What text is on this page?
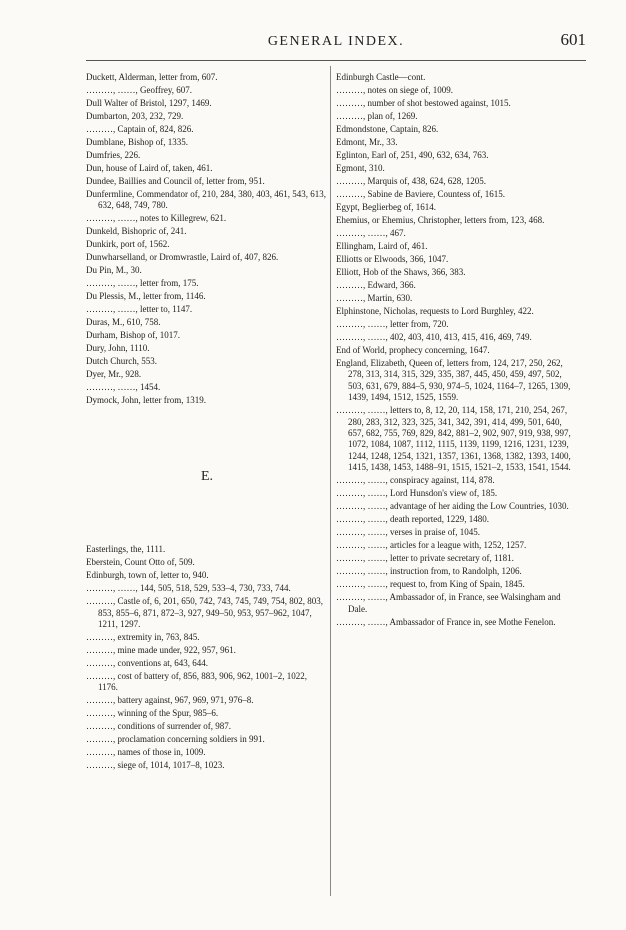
GENERAL INDEX.	601
Duckett, Alderman, letter from, 607.
………, ……, Geoffrey, 607.
Dull Walter of Bristol, 1297, 1469.
Dumbarton, 203, 232, 729.
………, Captain of, 824, 826.
Dumblane, Bishop of, 1335.
Dumfries, 226.
Dun, house of Laird of, taken, 461.
Dundee, Baillies and Council of, letter from, 951.
Dunfermline, Commendator of, 210, 284, 380, 403, 461, 543, 613, 632, 648, 749, 780.
………, ……, notes to Killegrew, 621.
Dunkeld, Bishopric of, 241.
Dunkirk, port of, 1562.
Dunwharselland, or Dromwrastle, Laird of, 407, 826.
Du Pin, M., 30.
………, ……, letter from, 175.
Du Plessis, M., letter from, 1146.
………, ……, letter to, 1147.
Duras, M., 610, 758.
Durham, Bishop of, 1017.
Dury, John, 1110.
Dutch Church, 553.
Dyer, Mr., 928.
………, ……, 1454.
Dymock, John, letter from, 1319.
E.
Easterlings, the, 1111.
Eberstein, Count Otto of, 509.
Edinburgh, town of, letter to, 940.
………, ……, 144, 505, 518, 529, 533–4, 730, 733, 744.
………, Castle of, 6, 201, 650, 742, 743, 745, 749, 754, 802, 803, 853, 855–6, 871, 872–3, 927, 949–50, 953, 957–962, 1047, 1211, 1297.
………, extremity in, 763, 845.
………, mine made under, 922, 957, 961.
………, conventions at, 643, 644.
………, cost of battery of, 856, 883, 906, 962, 1001–2, 1022, 1176.
………, battery against, 967, 969, 971, 976–8.
………, winning of the Spur, 985–6.
………, conditions of surrender of, 987.
………, proclamation concerning soldiers in 991.
………, names of those in, 1009.
………, siege of, 1014, 1017–8, 1023.
Edinburgh Castle—cont.
………, notes on siege of, 1009.
………, number of shot bestowed against, 1015.
………, plan of, 1269.
Edmondstone, Captain, 826.
Edmont, Mr., 33.
Eglinton, Earl of, 251, 490, 632, 634, 763.
Egmont, 310.
………, Marquis of, 438, 624, 628, 1205.
………, Sabine de Baviere, Countess of, 1615.
Egypt, Beglierbeg of, 1614.
Ehemius, or Ehemius, Christopher, letters from, 123, 468.
………, ……, 467.
Ellingham, Laird of, 461.
Elliotts or Elwoods, 366, 1047.
Elliott, Hob of the Shaws, 366, 383.
………, Edward, 366.
………, Martin, 630.
Elphinstone, Nicholas, requests to Lord Burghley, 422.
………, ……, letter from, 720.
………, ……, 402, 403, 410, 413, 415, 416, 469, 749.
End of World, prophecy concerning, 1647.
England, Elizabeth, Queen of, letters from, 124, 217, 250, 262, 278, 313, 314, 315, 329, 335, 387, 445, 450, 459, 497, 502, 503, 631, 679, 884–5, 930, 974–5, 1024, 1164–7, 1265, 1309, 1439, 1494, 1512, 1525, 1559.
………, ……, letters to, 8, 12, 20, 114, 158, 171, 210, 254, 267, 280, 283, 312, 323, 325, 341, 342, 391, 414, 499, 501, 640, 657, 682, 755, 769, 829, 842, 881–2, 902, 907, 919, 938, 997, 1072, 1084, 1087, 1112, 1115, 1139, 1199, 1216, 1231, 1239, 1244, 1248, 1254, 1321, 1357, 1361, 1368, 1382, 1393, 1400, 1415, 1438, 1453, 1488–91, 1515, 1521–2, 1533, 1541, 1544.
………, ……, conspiracy against, 114, 878.
………, ……, Lord Hunsdon's view of, 185.
………, ……, advantage of her aiding the Low Countries, 1030.
………, ……, death reported, 1229, 1480.
………, ……, verses in praise of, 1045.
………, ……, articles for a league with, 1252, 1257.
………, ……, letter to private secretary of, 1181.
………, ……, instruction from, to Randolph, 1206.
………, ……, request to, from King of Spain, 1845.
………, ……, Ambassador of, in France, see Walsingham and Dale.
………, ……, Ambassador of France in, see Mothe Fenelon.
